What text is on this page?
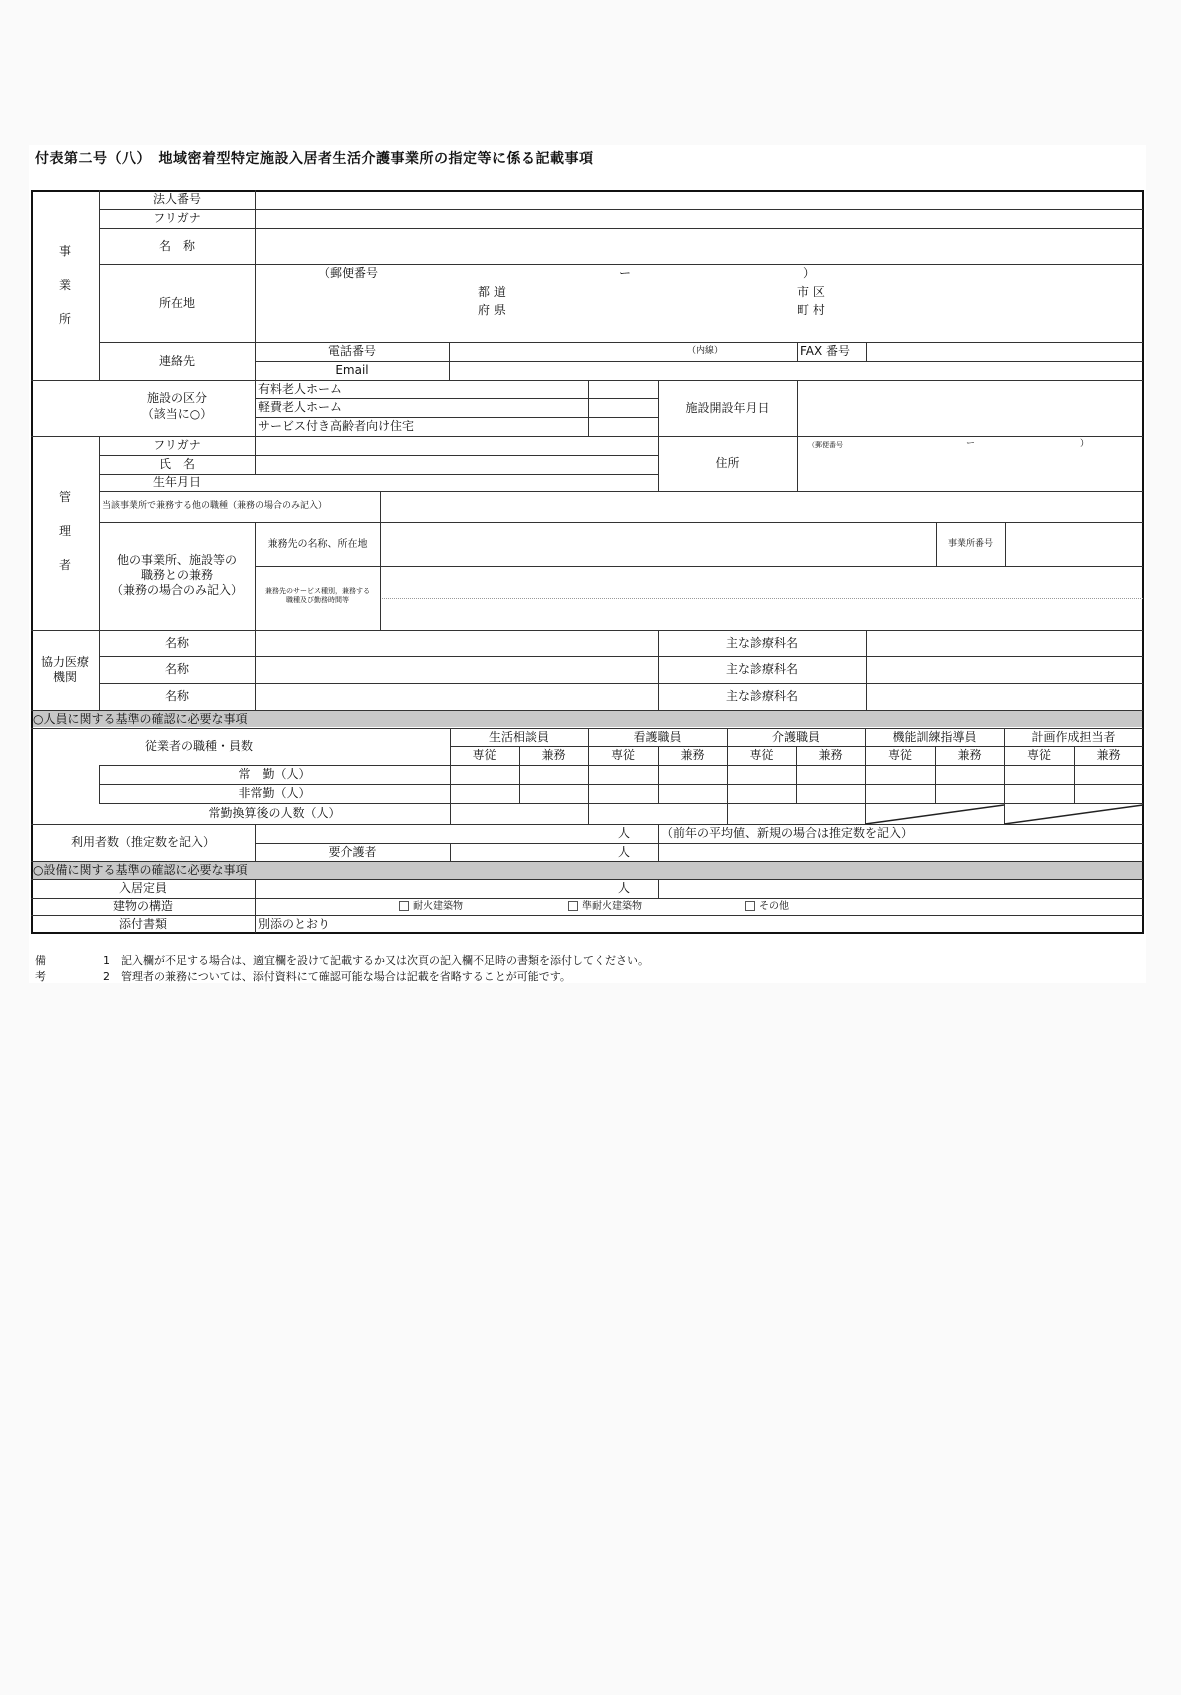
付表第二号（八）　地域密着型特定施設入居者生活介護事業所の指定等に係る記載事項
事
業
所
法人番号
フリガナ
名　称
所在地
（郵便番号	ー	）
都 道
府 県
市 区
町 村
連絡先
電話番号	（内線）	FAX 番号
Email
施設の区分
（該当に○）
有料老人ホーム
軽費老人ホーム
サービス付き高齢者向け住宅
施設開設年月日
管
理
者
フリガナ
氏　名
生年月日
住所
（郵便番号	ー	）
当該事業所で兼務する他の職種（兼務の場合のみ記入）
他の事業所、施設等の
職務との兼務
（兼務の場合のみ記入）
兼務先の名称、所在地	事業所番号
兼務先のサービス種別，兼務する
職種及び勤務時間等
協力医療
機関
名称	主な診療科名
名称	主な診療科名
名称	主な診療科名
○人員に関する基準の確認に必要な事項
従業者の職種・員数
生活相談員	看護職員	介護職員	機能訓練指導員	計画作成担当者
専従	兼務	専従	兼務	専従	兼務	専従	兼務	専従	兼務
常　勤（人）
非常勤（人）
常勤換算後の人数（人）
利用者数（推定数を記入）
人	（前年の平均値、新規の場合は推定数を記入）
要介護者	人
○設備に関する基準の確認に必要な事項
入居定員	人
建物の構造	耐火建築物	準耐火建築物	その他
添付書類	別添のとおり
備考
1　記入欄が不足する場合は、適宜欄を設けて記載するか又は次頁の記入欄不足時の書類を添付してください。
2　管理者の兼務については、添付資料にて確認可能な場合は記載を省略することが可能です。
